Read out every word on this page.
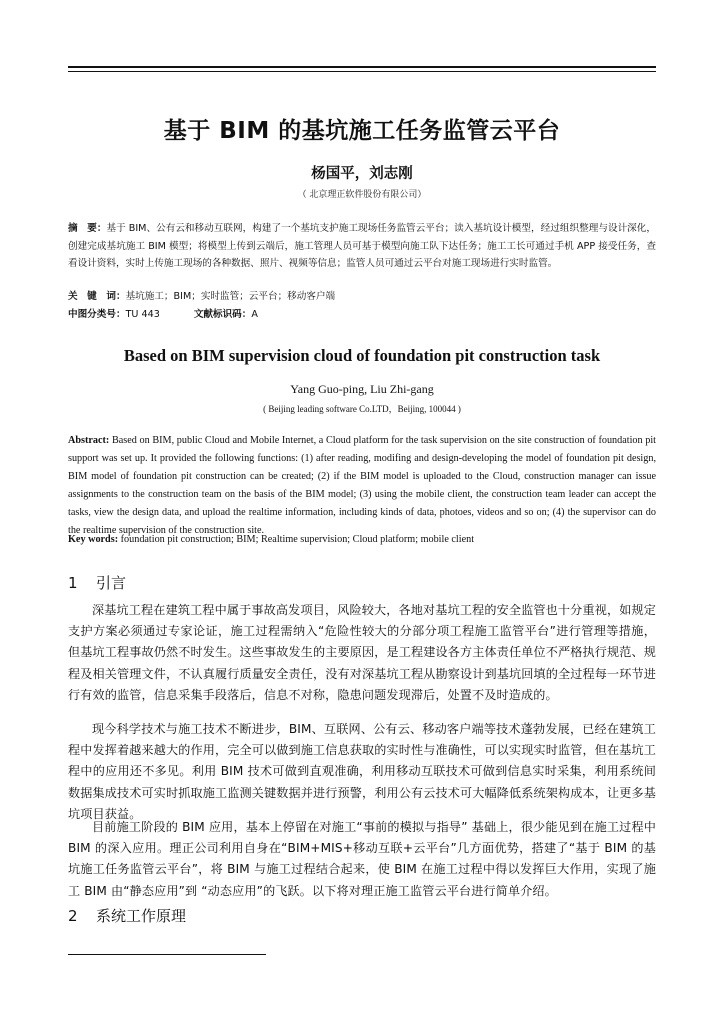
基于 BIM 的基坑施工任务监管云平台
杨国平，刘志刚
（ 北京理正软件股份有限公司）
摘　要：基于 BIM、公有云和移动互联网，构建了一个基坑支护施工现场任务监管云平台；读入基坑设计模型，经过组织整理与设计深化，创建完成基坑施工 BIM 模型；将模型上传到云端后，施工管理人员可基于模型向施工队下达任务；施工工长可通过手机 APP 接受任务，查看设计资料，实时上传施工现场的各种数据、照片、视频等信息；监管人员可通过云平台对施工现场进行实时监管。
关　键　词：基坑施工；BIM；实时监管；云平台；移动客户端
中图分类号：TU 443	文献标识码：A
Based on BIM supervision cloud of foundation pit construction task
Yang Guo-ping, Liu Zhi-gang
( Beijing leading software Co.LTD，Beijing, 100044 )
Abstract: Based on BIM, public Cloud and Mobile Internet, a Cloud platform for the task supervision on the site construction of foundation pit support was set up. It provided the following functions: (1) after reading, modifing and design-developing the model of foundation pit design, BIM model of foundation pit construction can be created; (2) if the BIM model is uploaded to the Cloud, construction manager can issue assignments to the construction team on the basis of the BIM model; (3) using the mobile client, the construction team leader can accept the tasks, view the design data, and upload the realtime information, including kinds of data, photoes, videos and so on; (4) the supervisor can do the realtime supervision of the construction site.
Key words: foundation pit construction; BIM; Realtime supervision; Cloud platform; mobile client
1 引言
深基坑工程在建筑工程中属于事故高发项目，风险较大，各地对基坑工程的安全监管也十分重视，如规定支护方案必须通过专家论证，施工过程需纳入“危险性较大的分部分项工程施工监管平台”进行管理等措施，但基坑工程事故仍然不时发生。这些事故发生的主要原因，是工程建设各方主体责任单位不严格执行规范、规程及相关管理文件，不认真履行质量安全责任，没有对深基坑工程从勘察设计到基坑回填的全过程每一环节进行有效的监管，信息采集手段落后，信息不对称，隐患问题发现滞后，处置不及时造成的。
现今科学技术与施工技术不断进步，BIM、互联网、公有云、移动客户端等技术蓬勃发展，已经在建筑工程中发挥着越来越大的作用，完全可以做到施工信息获取的实时性与准确性，可以实现实时监管，但在基坑工程中的应用还不多见。利用 BIM 技术可做到直观准确，利用移动互联技术可做到信息实时采集，利用系统间数据集成技术可实时抓取施工监测关键数据并进行预警，利用公有云技术可大幅降低系统架构成本，让更多基坑项目获益。
目前施工阶段的 BIM 应用，基本上停留在对施工“事前的模拟与指导” 基础上，很少能见到在施工过程中 BIM 的深入应用。理正公司利用自身在“BIM+MIS+移动互联+云平台”几方面优势，搭建了“基于 BIM 的基坑施工任务监管云平台”，将 BIM 与施工过程结合起来，使 BIM 在施工过程中得以发挥巨大作用，实现了施工 BIM 由“静态应用”到 “动态应用”的飞跃。以下将对理正施工监管云平台进行简单介绍。
2 系统工作原理
